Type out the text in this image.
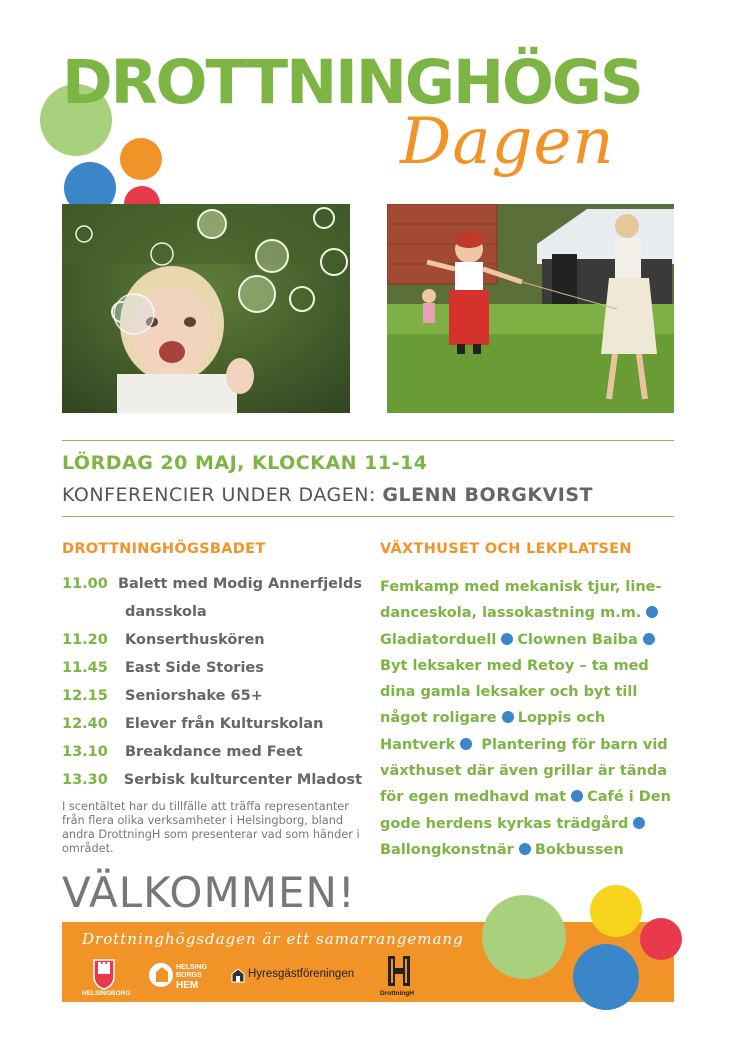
DROTTNINGHÖGS
Dagen
LÖRDAG 20 MAJ, KLOCKAN 11-14
KONFERENCIER UNDER DAGEN: GLENN BORGKVIST
DROTTNINGHÖGSBADET
11.00 Balett med Modig Annerfjelds
dansskola
11.20	Konserthuskören
11.45	East Side Stories
12.15	Seniorshake 65+
12.40	Elever från Kulturskolan
13.10	Breakdance med Feet
13.30	Serbisk kulturcenter Mladost
I scentältet har du tillfälle att träffa representanter från flera olika verksamheter i Helsingborg, bland andra DrottningH som presenterar vad som händer i området.
VÄXTHUSET OCH LEKPLATSEN
Femkamp med mekanisk tjur, line-danceskola, lassokastning m.m.  Gladiatorduell Clownen Baiba  Byt leksaker med Retoy – ta med dina gamla leksaker och byt till något roligare Loppis och Hantverk Plantering för barn vid växthuset där även grillar är tända för egen medhavd mat Café i Den gode herdens kyrkas trädgård Ballongkonstnär Bokbussen
VÄLKOMMEN!
Drottninghögsdagen är ett samarrangemang
HELSINGBORG
HELSING
BORGS
HEM
Hyresgästföreningen
DrottningH
